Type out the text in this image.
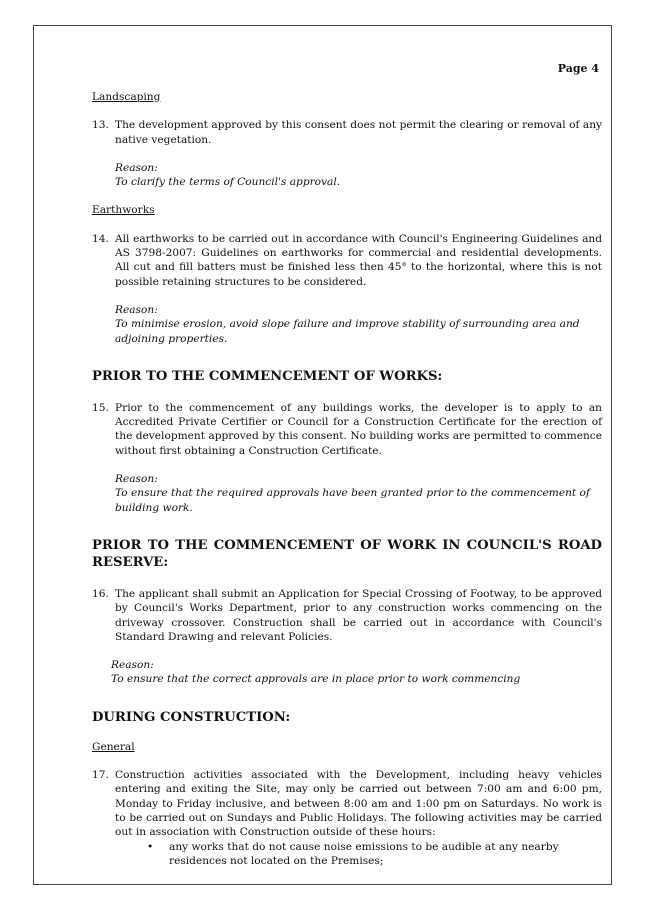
Page 4

Landscaping

13. The development approved by this consent does not permit the clearing or removal of any native vegetation.
Reason:
To clarify the terms of Council's approval.

Earthworks

14. All earthworks to be carried out in accordance with Council's Engineering Guidelines and AS 3798-2007: Guidelines on earthworks for commercial and residential developments. All cut and fill batters must be finished less then 45° to the horizontal, where this is not possible retaining structures to be considered.
Reason:
To minimise erosion, avoid slope failure and improve stability of surrounding area and adjoining properties.

PRIOR TO THE COMMENCEMENT OF WORKS:

15. Prior to the commencement of any buildings works, the developer is to apply to an Accredited Private Certifier or Council for a Construction Certificate for the erection of the development approved by this consent. No building works are permitted to commence without first obtaining a Construction Certificate.
Reason:
To ensure that the required approvals have been granted prior to the commencement of building work.

PRIOR TO THE COMMENCEMENT OF WORK IN COUNCIL'S ROAD RESERVE:

16. The applicant shall submit an Application for Special Crossing of Footway, to be approved by Council's Works Department, prior to any construction works commencing on the driveway crossover. Construction shall be carried out in accordance with Council's Standard Drawing and relevant Policies.
Reason:
To ensure that the correct approvals are in place prior to work commencing

DURING CONSTRUCTION:

General

17. Construction activities associated with the Development, including heavy vehicles entering and exiting the Site, may only be carried out between 7:00 am and 6:00 pm, Monday to Friday inclusive, and between 8:00 am and 1:00 pm on Saturdays. No work is to be carried out on Sundays and Public Holidays. The following activities may be carried out in association with Construction outside of these hours:
•	any works that do not cause noise emissions to be audible at any nearby residences not located on the Premises;
